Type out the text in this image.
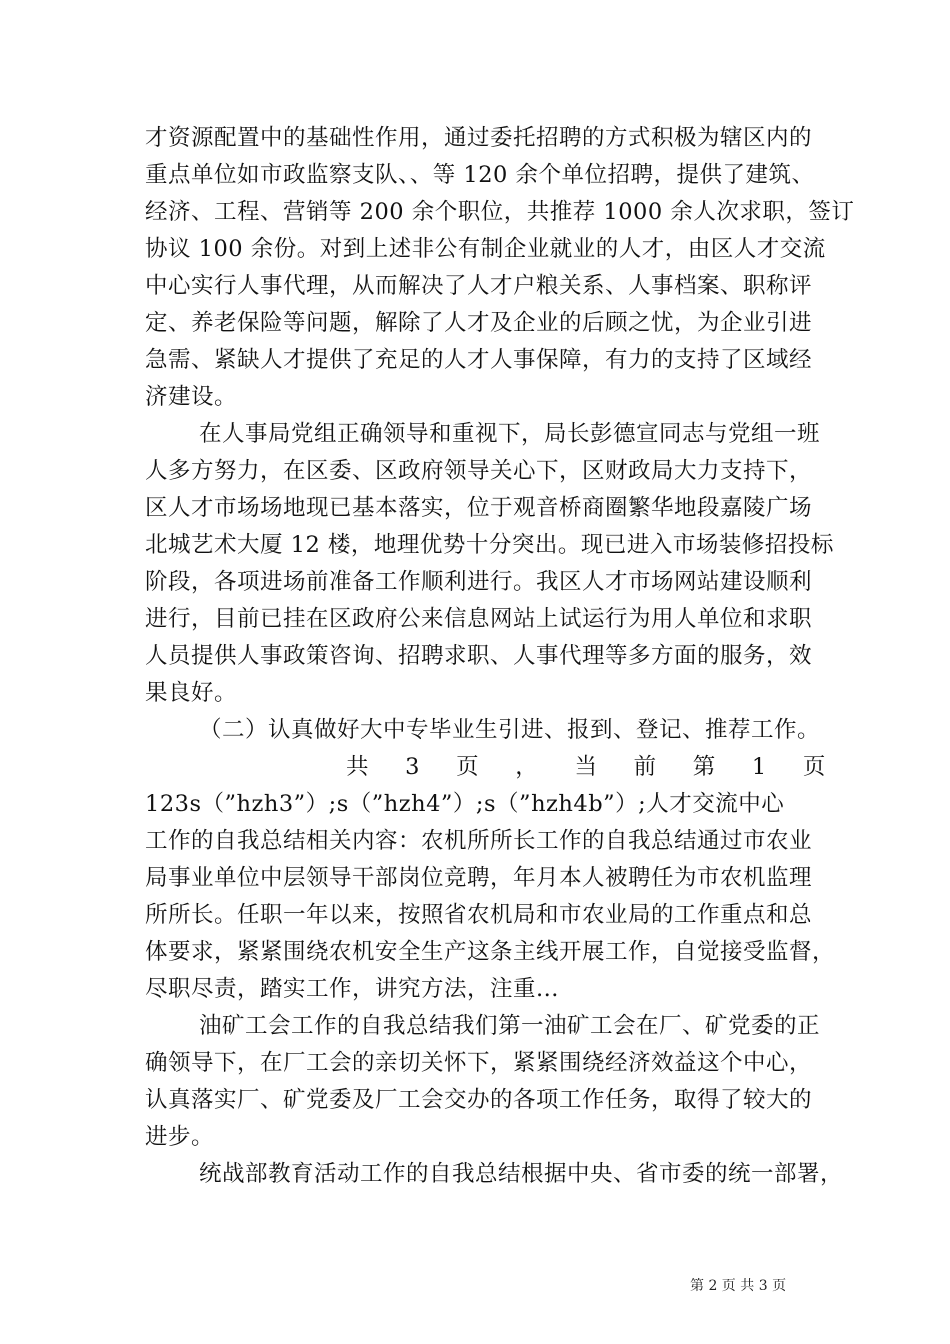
才资源配置中的基础性作用，通过委托招聘的方式积极为辖区内的
重点单位如市政监察支队、、等 120 余个单位招聘，提供了建筑、
经济、工程、营销等 200 余个职位，共推荐 1000 余人次求职，签订
协议 100 余份。对到上述非公有制企业就业的人才，由区人才交流
中心实行人事代理，从而解决了人才户粮关系、人事档案、职称评
定、养老保险等问题，解除了人才及企业的后顾之忧，为企业引进
急需、紧缺人才提供了充足的人才人事保障，有力的支持了区域经
济建设。
在人事局党组正确领导和重视下，局长彭德宣同志与党组一班
人多方努力，在区委、区政府领导关心下，区财政局大力支持下，
区人才市场场地现已基本落实，位于观音桥商圈繁华地段嘉陵广场
北城艺术大厦 12 楼，地理优势十分突出。现已进入市场装修招投标
阶段，各项进场前准备工作顺利进行。我区人才市场网站建设顺利
进行，目前已挂在区政府公来信息网站上试运行为用人单位和求职
人员提供人事政策咨询、招聘求职、人事代理等多方面的服务，效
果良好。
（二）认真做好大中专毕业生引进、报到、登记、推荐工作。
共 3 页 ， 当 前 第 1 页
123s（”hzh3”）;s（”hzh4”）;s（”hzh4b”）;人才交流中心
工作的自我总结相关内容：农机所所长工作的自我总结通过市农业
局事业单位中层领导干部岗位竞聘，年月本人被聘任为市农机监理
所所长。任职一年以来，按照省农机局和市农业局的工作重点和总
体要求，紧紧围绕农机安全生产这条主线开展工作，自觉接受监督，
尽职尽责，踏实工作，讲究方法，注重...
油矿工会工作的自我总结我们第一油矿工会在厂、矿党委的正
确领导下，在厂工会的亲切关怀下，紧紧围绕经济效益这个中心，
认真落实厂、矿党委及厂工会交办的各项工作任务，取得了较大的
进步。
统战部教育活动工作的自我总结根据中央、省市委的统一部署，
第 2 页 共 3 页
